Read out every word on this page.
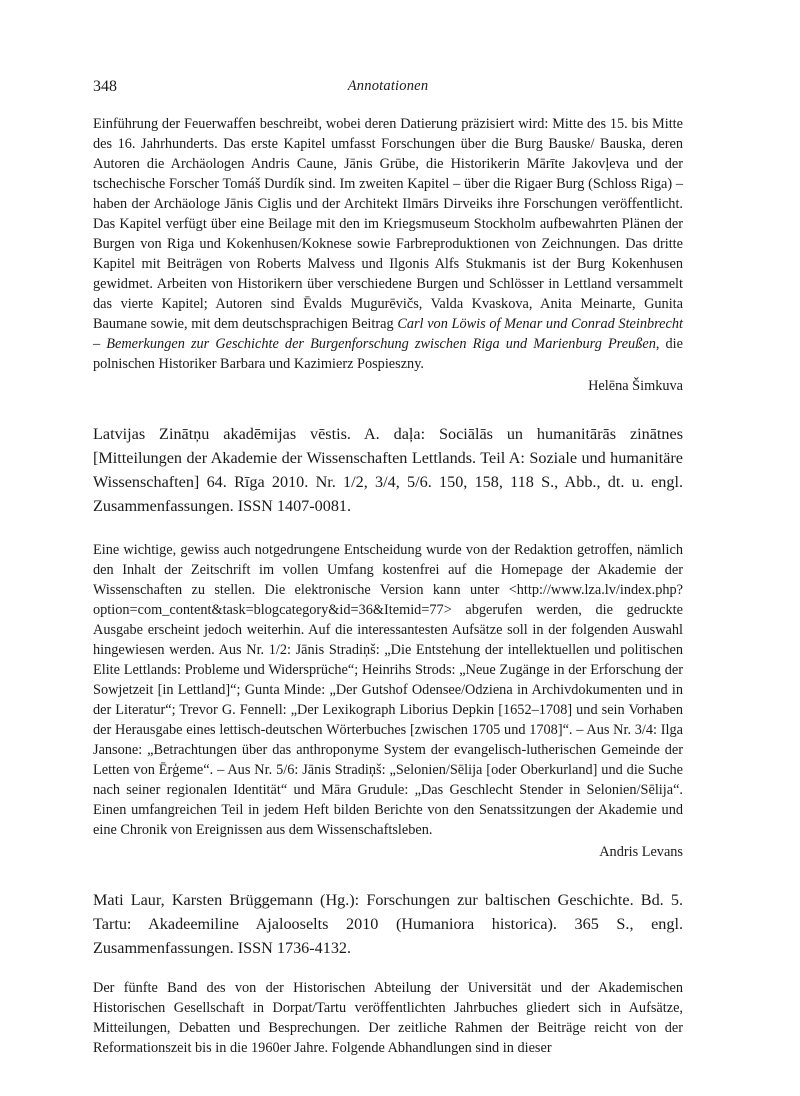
348	Annotationen

Einführung der Feuerwaffen beschreibt, wobei deren Datierung präzisiert wird: Mitte des 15. bis Mitte des 16. Jahrhunderts. Das erste Kapitel umfasst Forschungen über die Burg Bauske/ Bauska, deren Autoren die Archäologen Andris Caune, Jānis Grūbe, die Historikerin Mārīte Jakovļeva und der tschechische Forscher Tomáš Durdík sind. Im zweiten Kapitel – über die Rigaer Burg (Schloss Riga) – haben der Archäologe Jānis Ciglis und der Architekt Ilmārs Dirveiks ihre Forschungen veröffentlicht. Das Kapitel verfügt über eine Beilage mit den im Kriegsmuseum Stockholm aufbewahrten Plänen der Burgen von Riga und Kokenhusen/Koknese sowie Farbreproduktionen von Zeichnungen. Das dritte Kapitel mit Beiträgen von Roberts Malvess und Ilgonis Alfs Stukmanis ist der Burg Kokenhusen gewidmet. Arbeiten von Historikern über verschiedene Burgen und Schlösser in Lettland versammelt das vierte Kapitel; Autoren sind Ēvalds Mugurēvičs, Valda Kvaskova, Anita Meinarte, Gunita Baumane sowie, mit dem deutschsprachigen Beitrag Carl von Löwis of Menar und Conrad Steinbrecht – Bemerkungen zur Geschichte der Burgenforschung zwischen Riga und Marienburg Preußen, die polnischen Historiker Barbara und Kazimierz Pospieszny.

Helēna Šimkuva

Latvijas Zinātņu akadēmijas vēstis. A. daļa: Sociālās un humanitārās zinātnes [Mitteilungen der Akademie der Wissenschaften Lettlands. Teil A: Soziale und humanitäre Wissenschaften] 64. Rīga 2010. Nr. 1/2, 3/4, 5/6. 150, 158, 118 S., Abb., dt. u. engl. Zusammenfassungen. ISSN 1407-0081.

Eine wichtige, gewiss auch notgedrungene Entscheidung wurde von der Redaktion getroffen, nämlich den Inhalt der Zeitschrift im vollen Umfang kostenfrei auf die Homepage der Akademie der Wissenschaften zu stellen. Die elektronische Version kann unter <http://www.lza.lv/index.php?option=com_content&task=blogcategory&id=36&Itemid=77> abgerufen werden, die gedruckte Ausgabe erscheint jedoch weiterhin. Auf die interessantesten Aufsätze soll in der folgenden Auswahl hingewiesen werden. Aus Nr. 1/2: Jānis Stradiņš: „Die Entstehung der intellektuellen und politischen Elite Lettlands: Probleme und Widersprüche“; Heinrihs Strods: „Neue Zugänge in der Erforschung der Sowjetzeit [in Lettland]“; Gunta Minde: „Der Gutshof Odensee/Odziena in Archivdokumenten und in der Literatur“; Trevor G. Fennell: „Der Lexikograph Liborius Depkin [1652–1708] und sein Vorhaben der Herausgabe eines lettisch-deutschen Wörterbuches [zwischen 1705 und 1708]“. – Aus Nr. 3/4: Ilga Jansone: „Betrachtungen über das anthroponyme System der evangelisch-lutherischen Gemeinde der Letten von Ērģeme“. – Aus Nr. 5/6: Jānis Stradiņš: „Selonien/Sēlija [oder Oberkurland] und die Suche nach seiner regionalen Identität“ und Māra Grudule: „Das Geschlecht Stender in Selonien/Sēlija“. Einen umfangreichen Teil in jedem Heft bilden Berichte von den Senatssitzungen der Akademie und eine Chronik von Ereignissen aus dem Wissenschaftsleben.

Andris Levans

Mati Laur, Karsten Brüggemann (Hg.): Forschungen zur baltischen Geschichte. Bd. 5. Tartu: Akadeemiline Ajalooselts 2010 (Humaniora historica). 365 S., engl. Zusammenfassungen. ISSN 1736-4132.

Der fünfte Band des von der Historischen Abteilung der Universität und der Akademischen Historischen Gesellschaft in Dorpat/Tartu veröffentlichten Jahrbuches gliedert sich in Aufsätze, Mitteilungen, Debatten und Besprechungen. Der zeitliche Rahmen der Beiträge reicht von der Reformationszeit bis in die 1960er Jahre. Folgende Abhandlungen sind in dieser
